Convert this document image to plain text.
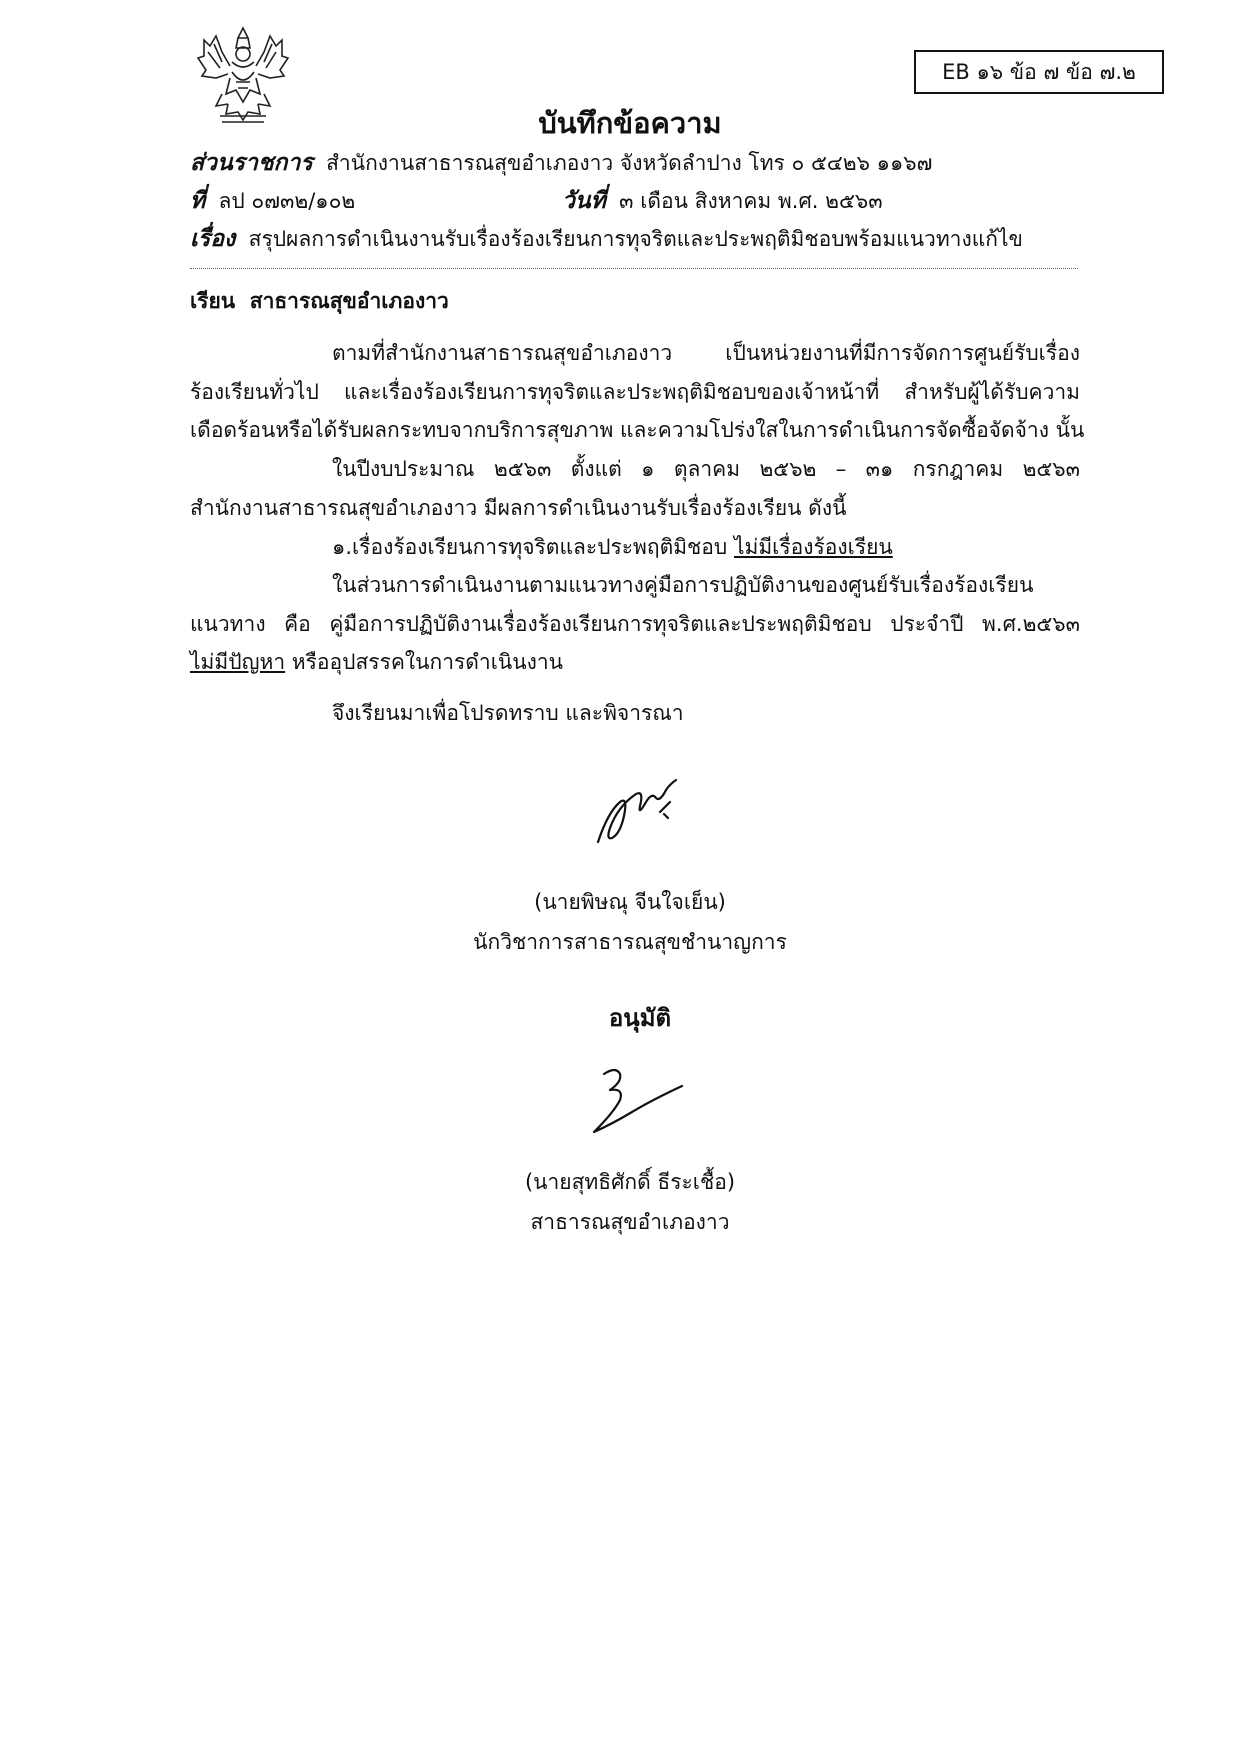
EB ๑๖ ข้อ ๗ ข้อ ๗.๒
บันทึกข้อความ
ส่วนราชการ สำนักงานสาธารณสุขอำเภองาว จังหวัดลำปาง โทร ๐ ๕๔๒๖ ๑๑๖๗
ที่ ลป ๐๗๓๒/๑๐๒	วันที่ ๓ เดือน สิงหาคม พ.ศ. ๒๕๖๓
เรื่อง สรุปผลการดำเนินงานรับเรื่องร้องเรียนการทุจริตและประพฤติมิชอบพร้อมแนวทางแก้ไข
เรียน สาธารณสุขอำเภองาว
ตามที่สำนักงานสาธารณสุขอำเภองาว เป็นหน่วยงานที่มีการจัดการศูนย์รับเรื่อง
ร้องเรียนทั่วไป และเรื่องร้องเรียนการทุจริตและประพฤติมิชอบของเจ้าหน้าที่ สำหรับผู้ได้รับความ
เดือดร้อนหรือได้รับผลกระทบจากบริการสุขภาพ และความโปร่งใสในการดำเนินการจัดซื้อจัดจ้าง นั้น
ในปีงบประมาณ ๒๕๖๓ ตั้งแต่ ๑ ตุลาคม ๒๕๖๒ – ๓๑ กรกฎาคม ๒๕๖๓
สำนักงานสาธารณสุขอำเภองาว มีผลการดำเนินงานรับเรื่องร้องเรียน ดังนี้
๑.เรื่องร้องเรียนการทุจริตและประพฤติมิชอบ ไม่มีเรื่องร้องเรียน
ในส่วนการดำเนินงานตามแนวทางคู่มือการปฏิบัติงานของศูนย์รับเรื่องร้องเรียน
แนวทาง คือ คู่มือการปฏิบัติงานเรื่องร้องเรียนการทุจริตและประพฤติมิชอบ ประจำปี พ.ศ.๒๕๖๓
ไม่มีปัญหา หรืออุปสรรคในการดำเนินงาน
จึงเรียนมาเพื่อโปรดทราบ และพิจารณา
(นายพิษณุ จีนใจเย็น)
นักวิชาการสาธารณสุขชำนาญการ
อนุมัติ
(นายสุทธิศักดิ์ ธีระเชื้อ)
สาธารณสุขอำเภองาว
